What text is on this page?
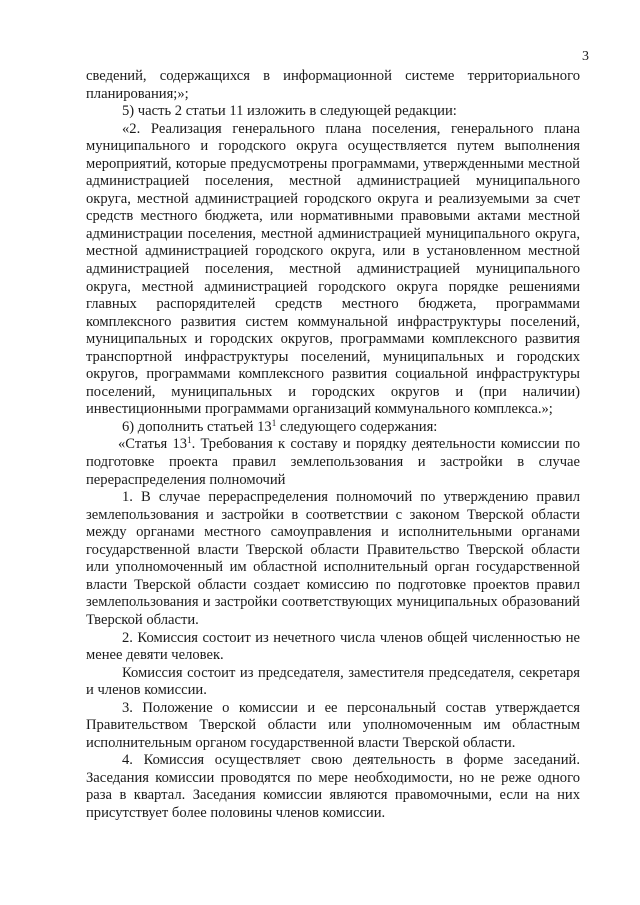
3

сведений, содержащихся в информационной системе территориального планирования;»;

5) часть 2 статьи 11 изложить в следующей редакции:

«2. Реализация генерального плана поселения, генерального плана муниципального и городского округа осуществляется путем выполнения мероприятий, которые предусмотрены программами, утвержденными местной администрацией поселения, местной администрацией муниципального округа, местной администрацией городского округа и реализуемыми за счет средств местного бюджета, или нормативными правовыми актами местной администрации поселения, местной администрацией муниципального округа, местной администрацией городского округа, или в установленном местной администрацией поселения, местной администрацией муниципального округа, местной администрацией городского округа порядке решениями главных распорядителей средств местного бюджета, программами комплексного развития систем коммунальной инфраструктуры поселений, муниципальных и городских округов, программами комплексного развития транспортной инфраструктуры поселений, муниципальных и городских округов, программами комплексного развития социальной инфраструктуры поселений, муниципальных и городских округов и (при наличии) инвестиционными программами организаций коммунального комплекса.»;

6) дополнить статьей $13^1$ следующего содержания:

«Статья $13^1$. Требования к составу и порядку деятельности комиссии по подготовке проекта правил землепользования и застройки в случае перераспределения полномочий

1. В случае перераспределения полномочий по утверждению правил землепользования и застройки в соответствии с законом Тверской области между органами местного самоуправления и исполнительными органами государственной власти Тверской области Правительство Тверской области или уполномоченный им областной исполнительный орган государственной власти Тверской области создает комиссию по подготовке проектов правил землепользования и застройки соответствующих муниципальных образований Тверской области.

2. Комиссия состоит из нечетного числа членов общей численностью не менее девяти человек.

Комиссия состоит из председателя, заместителя председателя, секретаря и членов комиссии.

3. Положение о комиссии и ее персональный состав утверждается Правительством Тверской области или уполномоченным им областным исполнительным органом государственной власти Тверской области.

4. Комиссия осуществляет свою деятельность в форме заседаний. Заседания комиссии проводятся по мере необходимости, но не реже одного раза в квартал. Заседания комиссии являются правомочными, если на них присутствует более половины членов комиссии.
